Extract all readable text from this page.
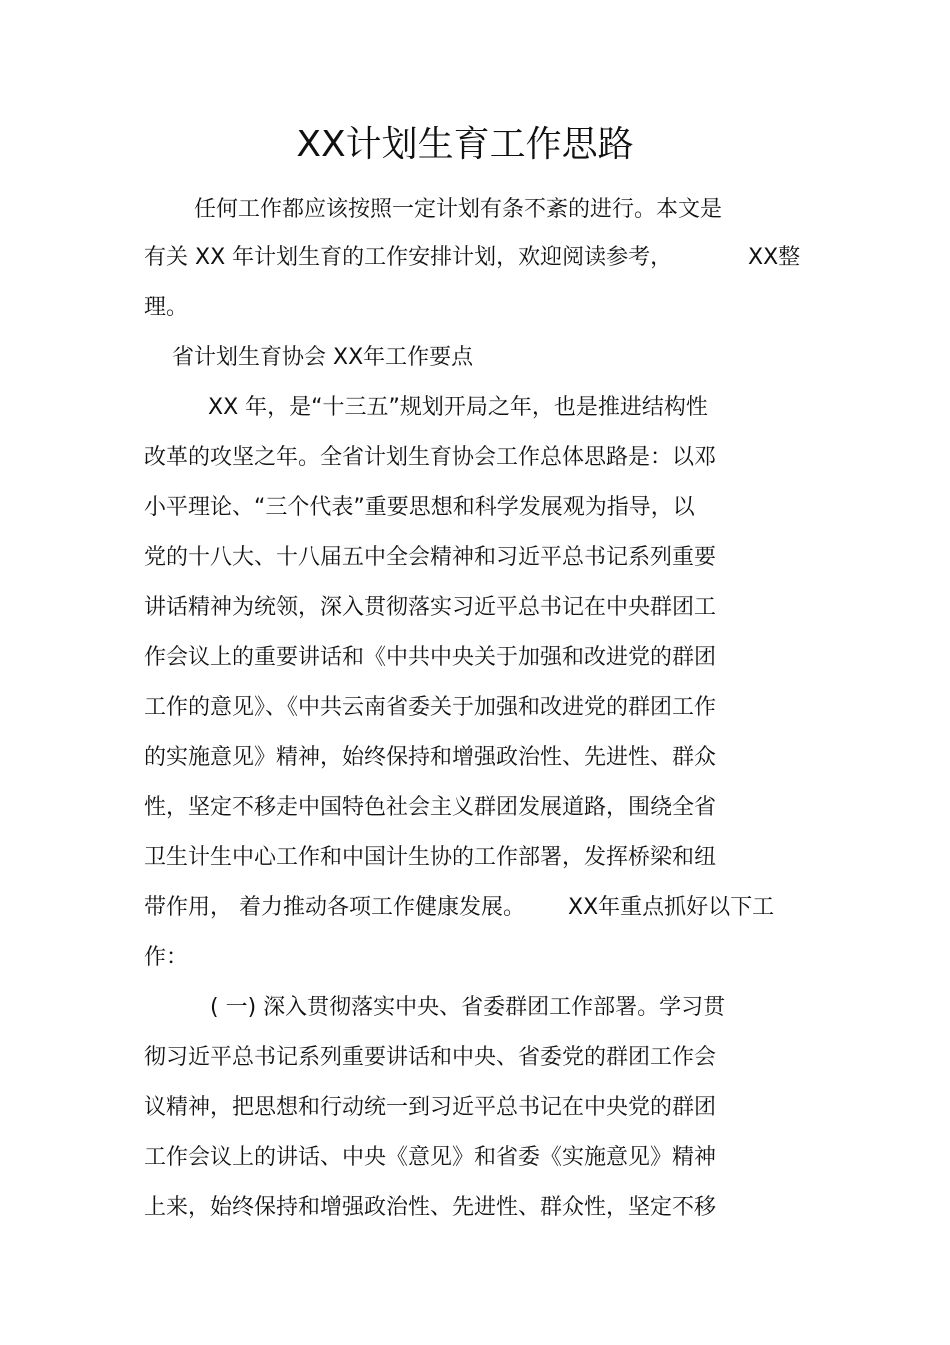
XX计划生育工作思路
任何工作都应该按照一定计划有条不紊的进行。本文是
有关 XX 年计划生育的工作安排计划，欢迎阅读参考，	XX整
理。
省计划生育协会 XX年工作要点
XX 年，是“十三五”规划开局之年，也是推进结构性
改革的攻坚之年。全省计划生育协会工作总体思路是：以邓
小平理论、“三个代表”重要思想和科学发展观为指导，以
党的十八大、十八届五中全会精神和习近平总书记系列重要
讲话精神为统领，深入贯彻落实习近平总书记在中央群团工
作会议上的重要讲话和《中共中央关于加强和改进党的群团
工作的意见》、《中共云南省委关于加强和改进党的群团工作
的实施意见》精神，始终保持和增强政治性、先进性、群众
性，坚定不移走中国特色社会主义群团发展道路，围绕全省
卫生计生中心工作和中国计生协的工作部署，发挥桥梁和纽
带作用， 着力推动各项工作健康发展。 XX年重点抓好以下工
作：
( 一) 深入贯彻落实中央、省委群团工作部署。学习贯
彻习近平总书记系列重要讲话和中央、省委党的群团工作会
议精神，把思想和行动统一到习近平总书记在中央党的群团
工作会议上的讲话、中央《意见》和省委《实施意见》精神
上来，始终保持和增强政治性、先进性、群众性，坚定不移
